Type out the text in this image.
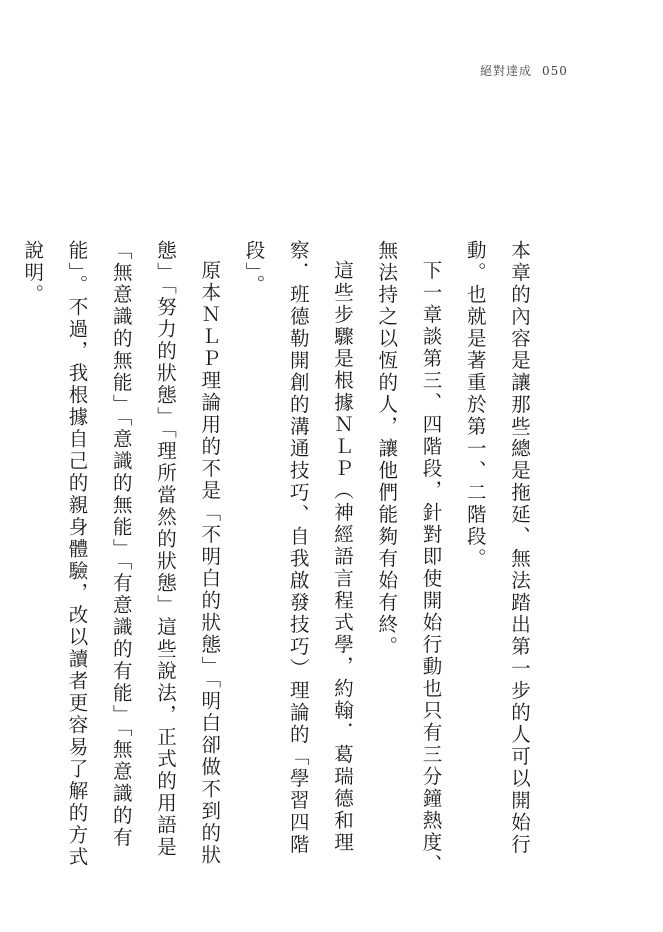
絕對達成 050

本章的內容是讓那些總是拖延、無法踏出第一步的人可以開始行動。也就是著重於第一、二階段。

下一章談第三、四階段，針對即使開始行動也只有三分鐘熱度、無法持之以恆的人，讓他們能夠有始有終。

這些步驟是根據ＮＬＰ（神經語言程式學，約翰．葛瑞德和理察．班德勒開創的溝通技巧、自我啟發技巧）理論的「學習四階段」。

原本ＮＬＰ理論用的不是「不明白的狀態」「明白卻做不到的狀態」「努力的狀態」「理所當然的狀態」這些說法，正式的用語是「無意識的無能」「意識的無能」「有意識的有能」「無意識的有能」。不過，我根據自己的親身體驗，改以讀者更容易了解的方式說明。
